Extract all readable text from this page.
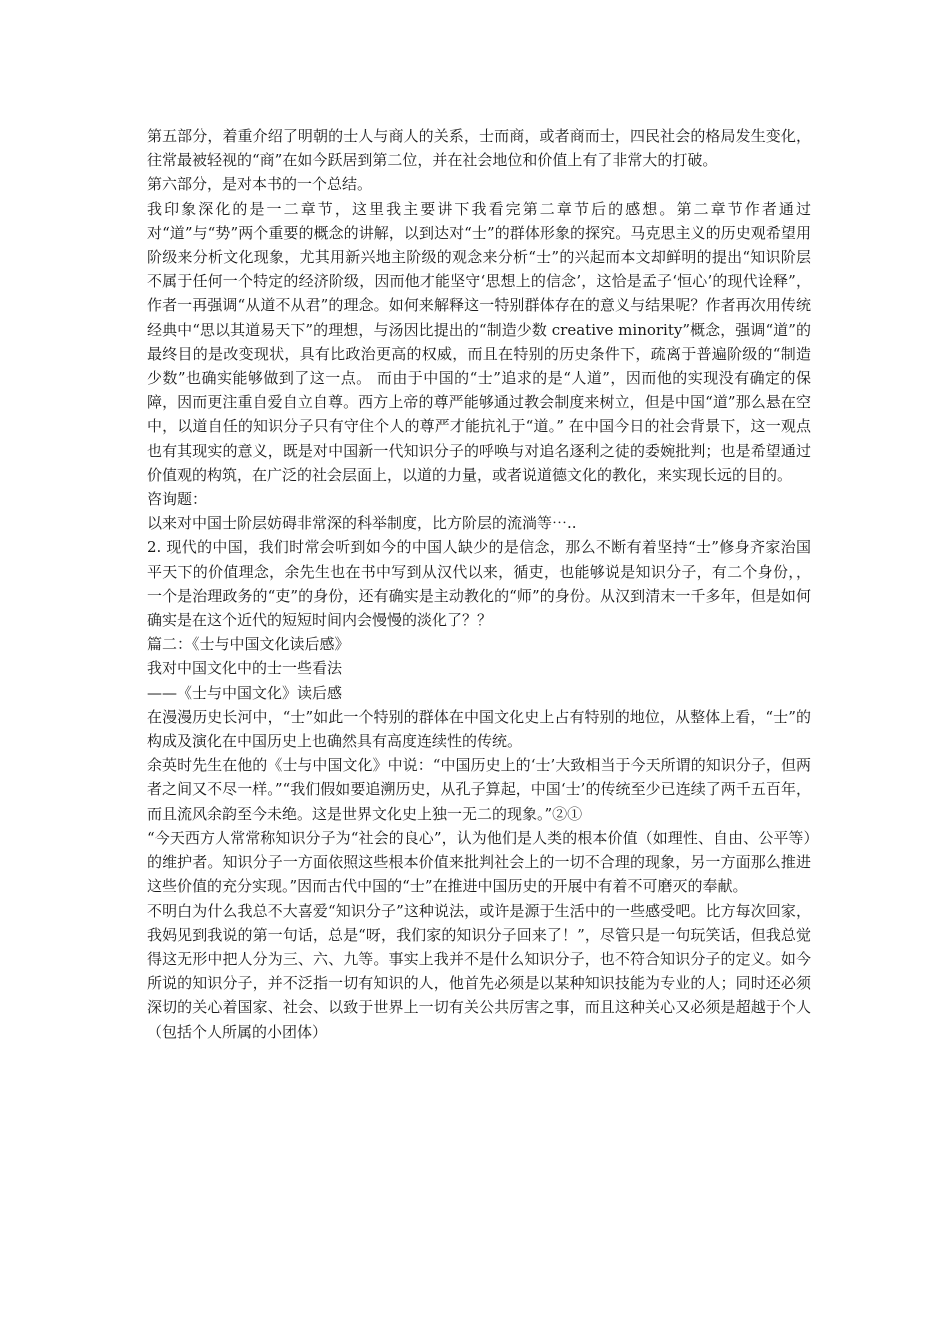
第五部分，着重介绍了明朝的士人与商人的关系，士而商，或者商而士，四民社会的格局发生变化，往常最被轻视的“商”在如今跃居到第二位，并在社会地位和价值上有了非常大的打破。

第六部分，是对本书的一个总结。

我印象深化的是一二章节，这里我主要讲下我看完第二章节后的感想。第二章节作者通过对“道”与“势”两个重要的概念的讲解，以到达对“士”的群体形象的探究。马克思主义的历史观希望用阶级来分析文化现象，尤其用新兴地主阶级的观念来分析“士”的兴起而本文却鲜明的提出“知识阶层不属于任何一个特定的经济阶级，因而他才能坚守‘思想上的信念’，这恰是孟子‘恒心’的现代诠释”，作者一再强调“从道不从君”的理念。如何来解释这一特别群体存在的意义与结果呢？作者再次用传统经典中“思以其道易天下”的理想，与汤因比提出的“制造少数 creative minority”概念，强调“道”的最终目的是改变现状，具有比政治更高的权威，而且在特别的历史条件下，疏离于普遍阶级的“制造少数”也确实能够做到了这一点。 而由于中国的“士”追求的是“人道”，因而他的实现没有确定的保障，因而更注重自爱自立自尊。西方上帝的尊严能够通过教会制度来树立，但是中国“道”那么悬在空中，以道自任的知识分子只有守住个人的尊严才能抗礼于“道。” 在中国今日的社会背景下，这一观点也有其现实的意义，既是对中国新一代知识分子的呼唤与对追名逐利之徒的委婉批判；也是希望通过价值观的构筑，在广泛的社会层面上，以道的力量，或者说道德文化的教化，来实现长远的目的。

咨询题：

以来对中国士阶层妨碍非常深的科举制度，比方阶层的流淌等⋯..

2. 现代的中国，我们时常会听到如今的中国人缺少的是信念，那么不断有着坚持“士”修身齐家治国平天下的价值理念，余先生也在书中写到从汉代以来，循吏，也能够说是知识分子，有二个身份，，一个是治理政务的“吏”的身份，还有确实是主动教化的“师”的身份。从汉到清末一千多年，但是如何确实是在这个近代的短短时间内会慢慢的淡化了？？

篇二：《士与中国文化读后感》

我对中国文化中的士一些看法

——《士与中国文化》读后感

在漫漫历史长河中，“士”如此一个特别的群体在中国文化史上占有特别的地位，从整体上看，“士”的构成及演化在中国历史上也确然具有高度连续性的传统。

余英时先生在他的《士与中国文化》中说：“中国历史上的‘士’大致相当于今天所谓的知识分子，但两者之间又不尽一样。”“我们假如要追溯历史，从孔子算起，中国‘士’的传统至少已连续了两千五百年，而且流风余韵至今未绝。这是世界文化史上独一无二的现象。”②①

“今天西方人常常称知识分子为“社会的良心”，认为他们是人类的根本价值（如理性、自由、公平等）的维护者。知识分子一方面依照这些根本价值来批判社会上的一切不合理的现象，另一方面那么推进这些价值的充分实现。”因而古代中国的“士”在推进中国历史的开展中有着不可磨灭的奉献。

不明白为什么我总不大喜爱“知识分子”这种说法，或许是源于生活中的一些感受吧。比方每次回家，我妈见到我说的第一句话，总是“呀，我们家的知识分子回来了！”，尽管只是一句玩笑话，但我总觉得这无形中把人分为三、六、九等。事实上我并不是什么知识分子，也不符合知识分子的定义。如今所说的知识分子，并不泛指一切有知识的人，他首先必须是以某种知识技能为专业的人；同时还必须深切的关心着国家、社会、以致于世界上一切有关公共厉害之事，而且这种关心又必须是超越于个人（包括个人所属的小团体）
